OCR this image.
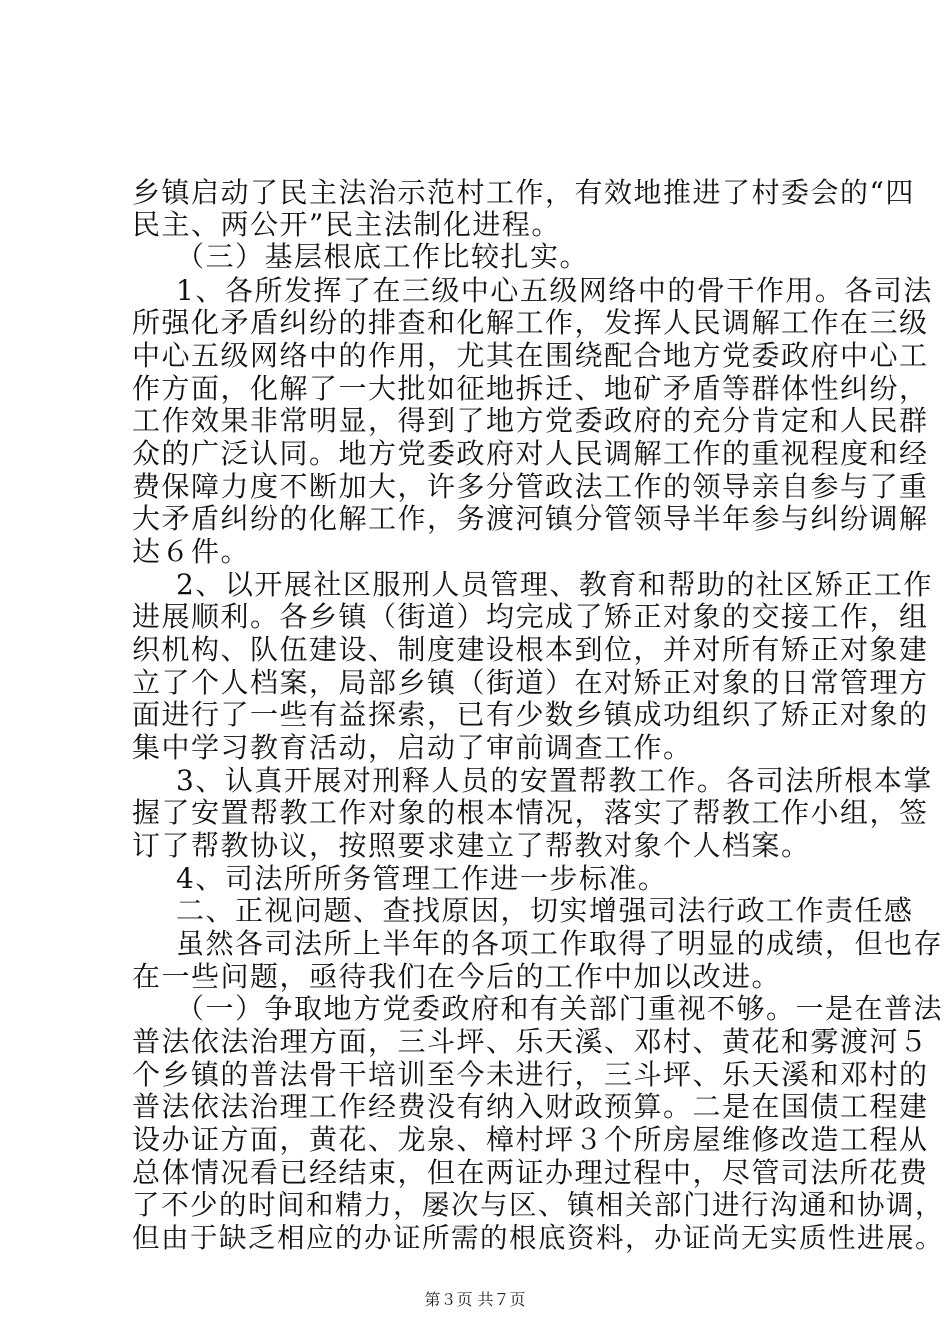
乡镇启动了民主法治示范村工作，有效地推进了村委会的“四
民主、两公开”民主法制化进程。
（三）基层根底工作比较扎实。
1、各所发挥了在三级中心五级网络中的骨干作用。各司法
所强化矛盾纠纷的排查和化解工作，发挥人民调解工作在三级
中心五级网络中的作用，尤其在围绕配合地方党委政府中心工
作方面，化解了一大批如征地拆迁、地矿矛盾等群体性纠纷，
工作效果非常明显，得到了地方党委政府的充分肯定和人民群
众的广泛认同。地方党委政府对人民调解工作的重视程度和经
费保障力度不断加大，许多分管政法工作的领导亲自参与了重
大矛盾纠纷的化解工作，务渡河镇分管领导半年参与纠纷调解
达６件。
2、以开展社区服刑人员管理、教育和帮助的社区矫正工作
进展顺利。各乡镇（街道）均完成了矫正对象的交接工作，组
织机构、队伍建设、制度建设根本到位，并对所有矫正对象建
立了个人档案，局部乡镇（街道）在对矫正对象的日常管理方
面进行了一些有益探索，已有少数乡镇成功组织了矫正对象的
集中学习教育活动，启动了审前调查工作。
3、认真开展对刑释人员的安置帮教工作。各司法所根本掌
握了安置帮教工作对象的根本情况，落实了帮教工作小组，签
订了帮教协议，按照要求建立了帮教对象个人档案。
4、司法所所务管理工作进一步标准。
二、正视问题、查找原因，切实增强司法行政工作责任感
虽然各司法所上半年的各项工作取得了明显的成绩，但也存
在一些问题，亟待我们在今后的工作中加以改进。
（一）争取地方党委政府和有关部门重视不够。一是在普法
普法依法治理方面，三斗坪、乐天溪、邓村、黄花和雾渡河５
个乡镇的普法骨干培训至今未进行，三斗坪、乐天溪和邓村的
普法依法治理工作经费没有纳入财政预算。二是在国债工程建
设办证方面，黄花、龙泉、樟村坪３个所房屋维修改造工程从
总体情况看已经结束，但在两证办理过程中，尽管司法所花费
了不少的时间和精力，屡次与区、镇相关部门进行沟通和协调，
但由于缺乏相应的办证所需的根底资料，办证尚无实质性进展。
第３页 共７页
